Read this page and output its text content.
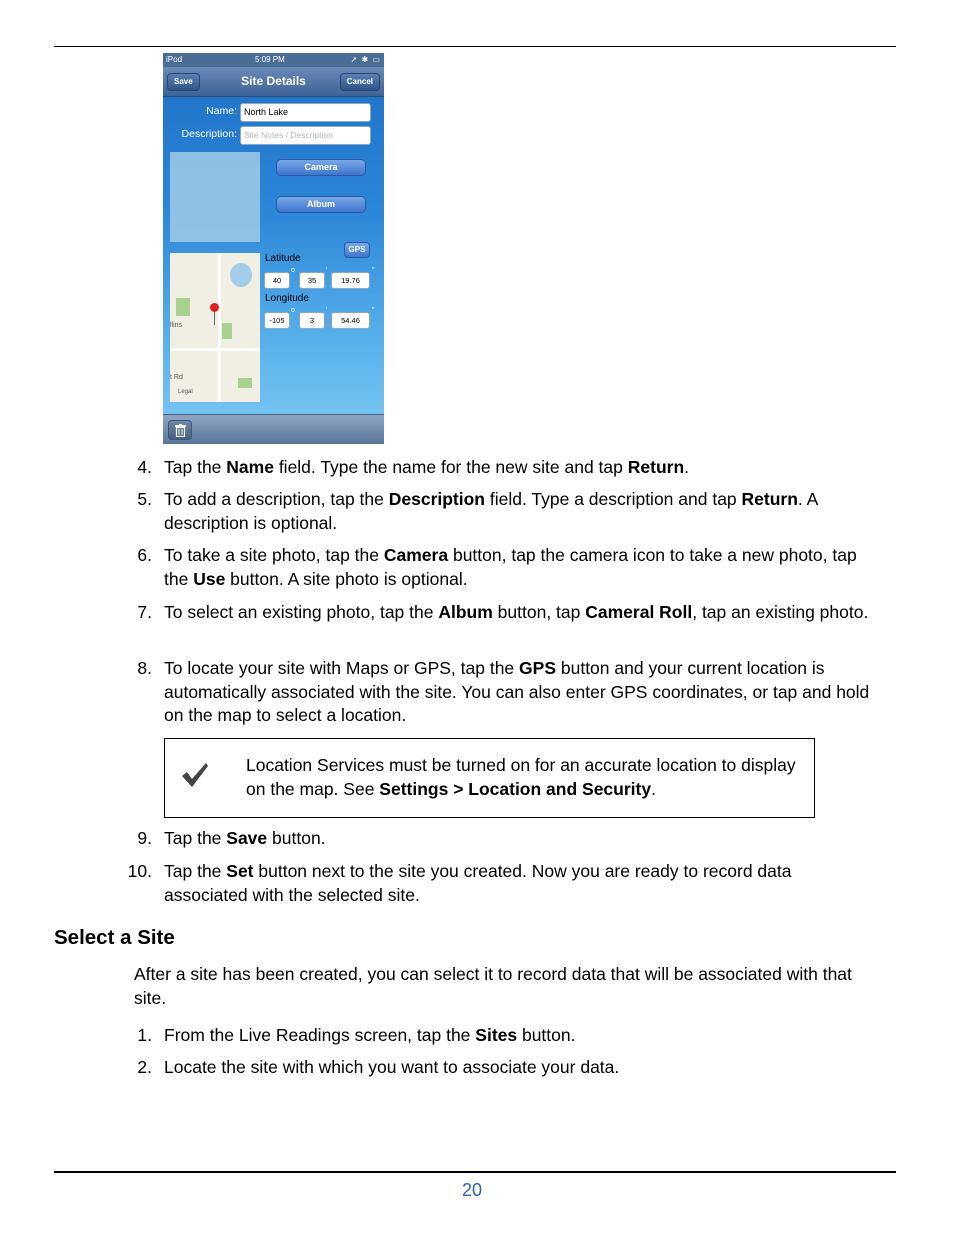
iPod	5:09 PM	➚ ✱ ▭
Save	Site Details	Cancel
Name: North Lake
Description: Site Notes / Description
Camera
Album
llins
t Rd
Legal
GPS
Latitude
40
o
35
'
19.76
"
Longitude
-105
o
3
'
54.46
"
4. Tap the Name field. Type the name for the new site and tap Return.
5. To add a description, tap the Description field. Type a description and tap Return. A description is optional.
6. To take a site photo, tap the Camera button, tap the camera icon to take a new photo, tap the Use button. A site photo is optional.
7. To select an existing photo, tap the Album button, tap Cameral Roll, tap an existing photo.
8. To locate your site with Maps or GPS, tap the GPS button and your current location is automatically associated with the site. You can also enter GPS coordinates, or tap and hold on the map to select a location.
Location Services must be turned on for an accurate location to display on the map. See Settings > Location and Security.
9. Tap the Save button.
10. Tap the Set button next to the site you created. Now you are ready to record data associated with the selected site.
Select a Site
After a site has been created, you can select it to record data that will be associated with that site.
1. From the Live Readings screen, tap the Sites button.
2. Locate the site with which you want to associate your data.
20
